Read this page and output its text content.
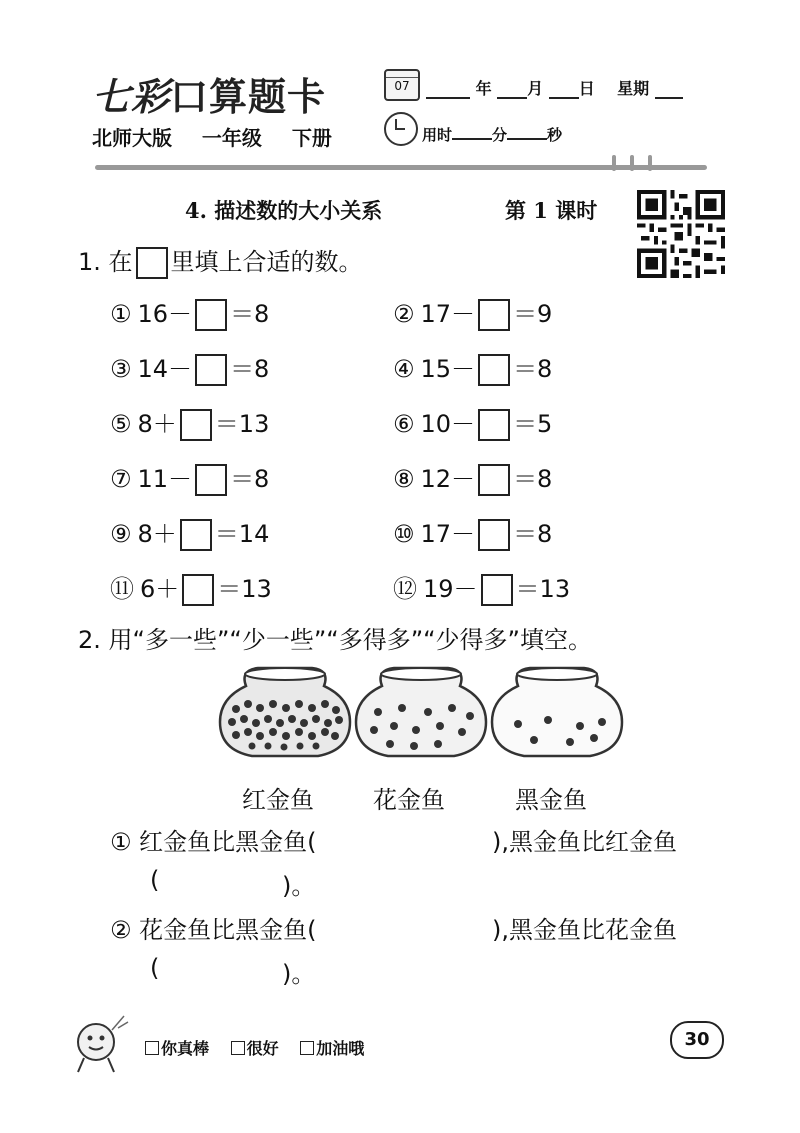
七彩口算题卡
北师大版  一年级  下册
07	年 月 日 星期
用时	分	秒
4. 描述数的大小关系	第 1 课时
1. 在 里填上合适的数。
① 16－ ＝8	② 17－ ＝9
③ 14－ ＝8	④ 15－ ＝8
⑤ 8＋ ＝13	⑥ 10－ ＝5
⑦ 11－ ＝8	⑧ 12－ ＝8
⑨ 8＋ ＝14	⑩ 17－ ＝8
⑪ 6＋ ＝13	⑫ 19－ ＝13
2. 用“多一些”“少一些”“多得多”“少得多”填空。
红金鱼 花金鱼	黑金鱼
① 红金鱼比黑金鱼(	),黑金鱼比红金鱼
(	)。
② 花金鱼比黑金鱼(	),黑金鱼比花金鱼
(	)。
你真棒 很好 加油哦	30
